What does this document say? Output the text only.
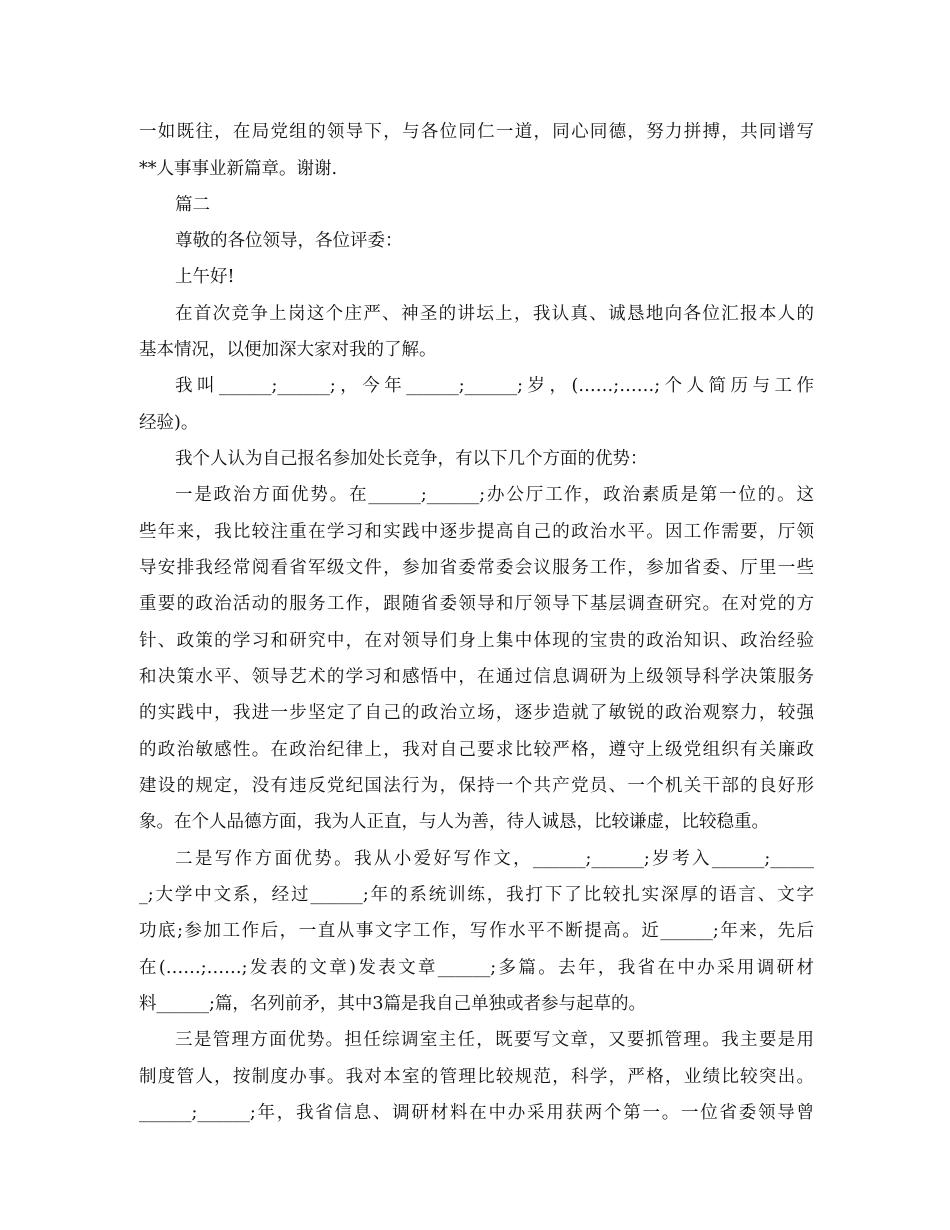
一如既往，在局党组的领导下，与各位同仁一道，同心同德，努力拼搏，共同谱写
**人事事业新篇章。谢谢.
篇二
尊敬的各位领导，各位评委：
上午好!
在首次竞争上岗这个庄严、神圣的讲坛上，我认真、诚恳地向各位汇报本人的
基本情况，以便加深大家对我的了解。
我叫______;______;，今年______;______;岁，(……;……;个人简历与工作
经验)。
我个人认为自己报名参加处长竞争，有以下几个方面的优势：
一是政治方面优势。在______;______;办公厅工作，政治素质是第一位的。这
些年来，我比较注重在学习和实践中逐步提高自己的政治水平。因工作需要，厅领
导安排我经常阅看省军级文件，参加省委常委会议服务工作，参加省委、厅里一些
重要的政治活动的服务工作，跟随省委领导和厅领导下基层调查研究。在对党的方
针、政策的学习和研究中，在对领导们身上集中体现的宝贵的政治知识、政治经验
和决策水平、领导艺术的学习和感悟中，在通过信息调研为上级领导科学决策服务
的实践中，我进一步坚定了自己的政治立场，逐步造就了敏锐的政治观察力，较强
的政治敏感性。在政治纪律上，我对自己要求比较严格，遵守上级党组织有关廉政
建设的规定，没有违反党纪国法行为，保持一个共产党员、一个机关干部的良好形
象。在个人品德方面，我为人正直，与人为善，待人诚恳，比较谦虚，比较稳重。
二是写作方面优势。我从小爱好写作文，______;______;岁考入______;_____
_;大学中文系，经过______;年的系统训练，我打下了比较扎实深厚的语言、文字
功底;参加工作后，一直从事文字工作，写作水平不断提高。近______;年来，先后
在(……;……;发表的文章)发表文章______;多篇。去年，我省在中办采用调研材
料______;篇，名列前矛，其中3篇是我自己单独或者参与起草的。
三是管理方面优势。担任综调室主任，既要写文章，又要抓管理。我主要是用
制度管人，按制度办事。我对本室的管理比较规范，科学，严格，业绩比较突出。
______;______;年，我省信息、调研材料在中办采用获两个第一。一位省委领导曾
